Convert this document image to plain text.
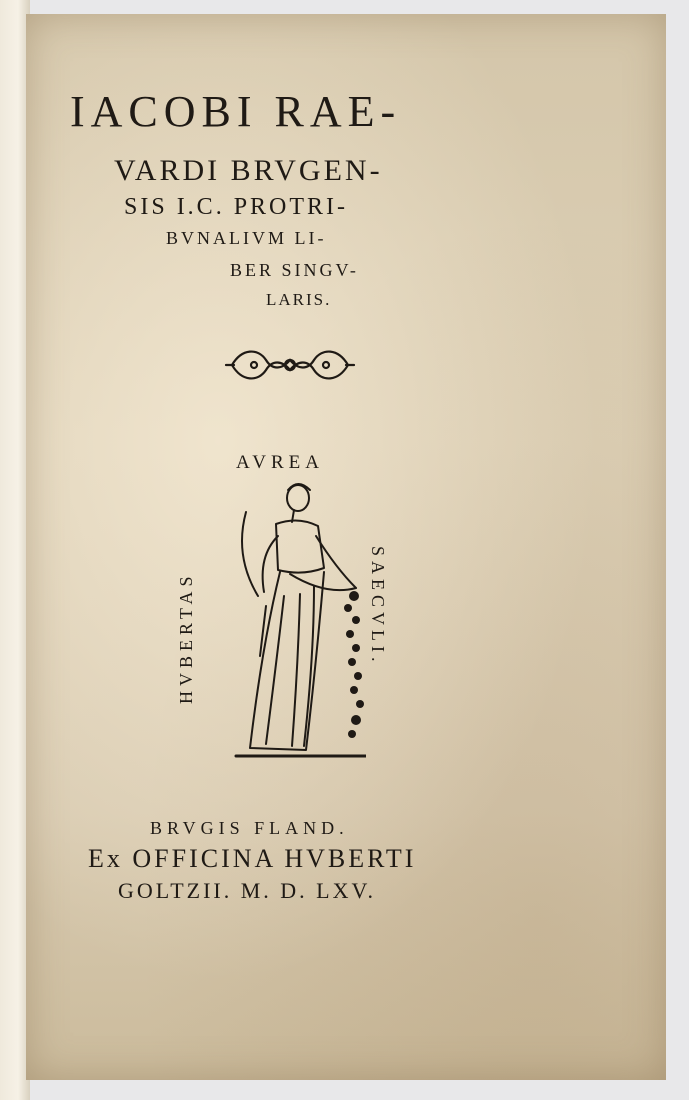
IACOBI RAE-
VARDI BRVGEN-
SIS I.C. PROTRI-
BVNALIVM LI-
BER SINGV-
LARIS.
AVREA
HVBERTAS	SAECVLI.
BRVGIS FLAND.
Ex OFFICINA HVBERTI
GOLTZII. M. D. LXV.
